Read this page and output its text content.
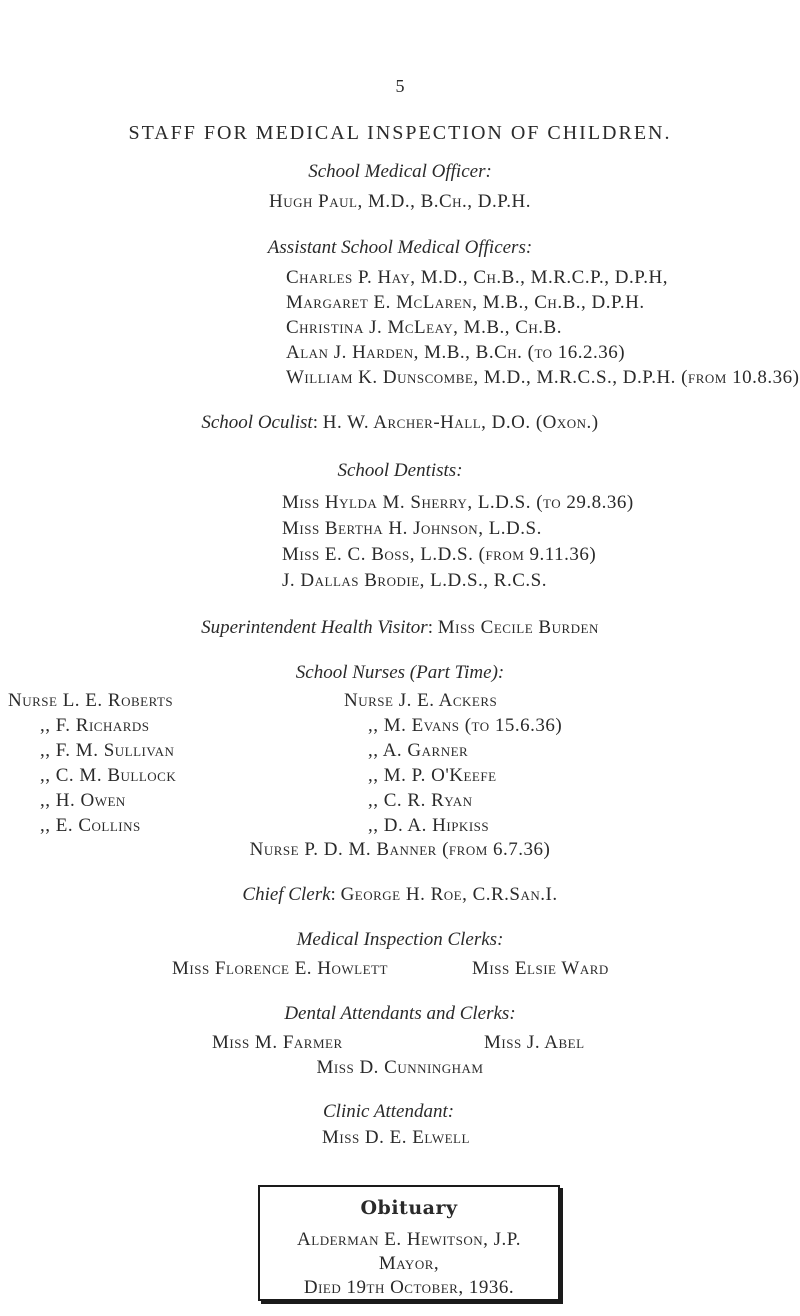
5
STAFF FOR MEDICAL INSPECTION OF CHILDREN.
School Medical Officer:
Hugh Paul, M.D., B.Ch., D.P.H.
Assistant School Medical Officers:
Charles P. Hay, M.D., Ch.B., M.R.C.P., D.P.H,
Margaret E. McLaren, M.B., Ch.B., D.P.H.
Christina J. McLeay, M.B., Ch.B.
Alan J. Harden, M.B., B.Ch. (to 16.2.36)
William K. Dunscombe, M.D., M.R.C.S., D.P.H. (from 10.8.36)
School Oculist: H. W. Archer-Hall, D.O. (Oxon.)
School Dentists:
Miss Hylda M. Sherry, L.D.S. (to 29.8.36)
Miss Bertha H. Johnson, L.D.S.
Miss E. C. Boss, L.D.S. (from 9.11.36)
J. Dallas Brodie, L.D.S., R.C.S.
Superintendent Health Visitor: Miss Cecile Burden
School Nurses (Part Time):
Nurse L. E. Roberts
,, F. Richards
,, F. M. Sullivan
,, C. M. Bullock
,, H. Owen
,, E. Collins
Nurse J. E. Ackers
,, M. Evans (to 15.6.36)
,, A. Garner
,, M. P. O'Keefe
,, C. R. Ryan
,, D. A. Hipkiss
Nurse P. D. M. Banner (from 6.7.36)
Chief Clerk: George H. Roe, C.R.San.I.
Medical Inspection Clerks:
Miss Florence E. Howlett	Miss Elsie Ward
Dental Attendants and Clerks:
Miss M. Farmer	Miss J. Abel
Miss D. Cunningham
Clinic Attendant:
Miss D. E. Elwell
Obituary
Alderman E. Hewitson, J.P.
Mayor,
Died 19th October, 1936.
